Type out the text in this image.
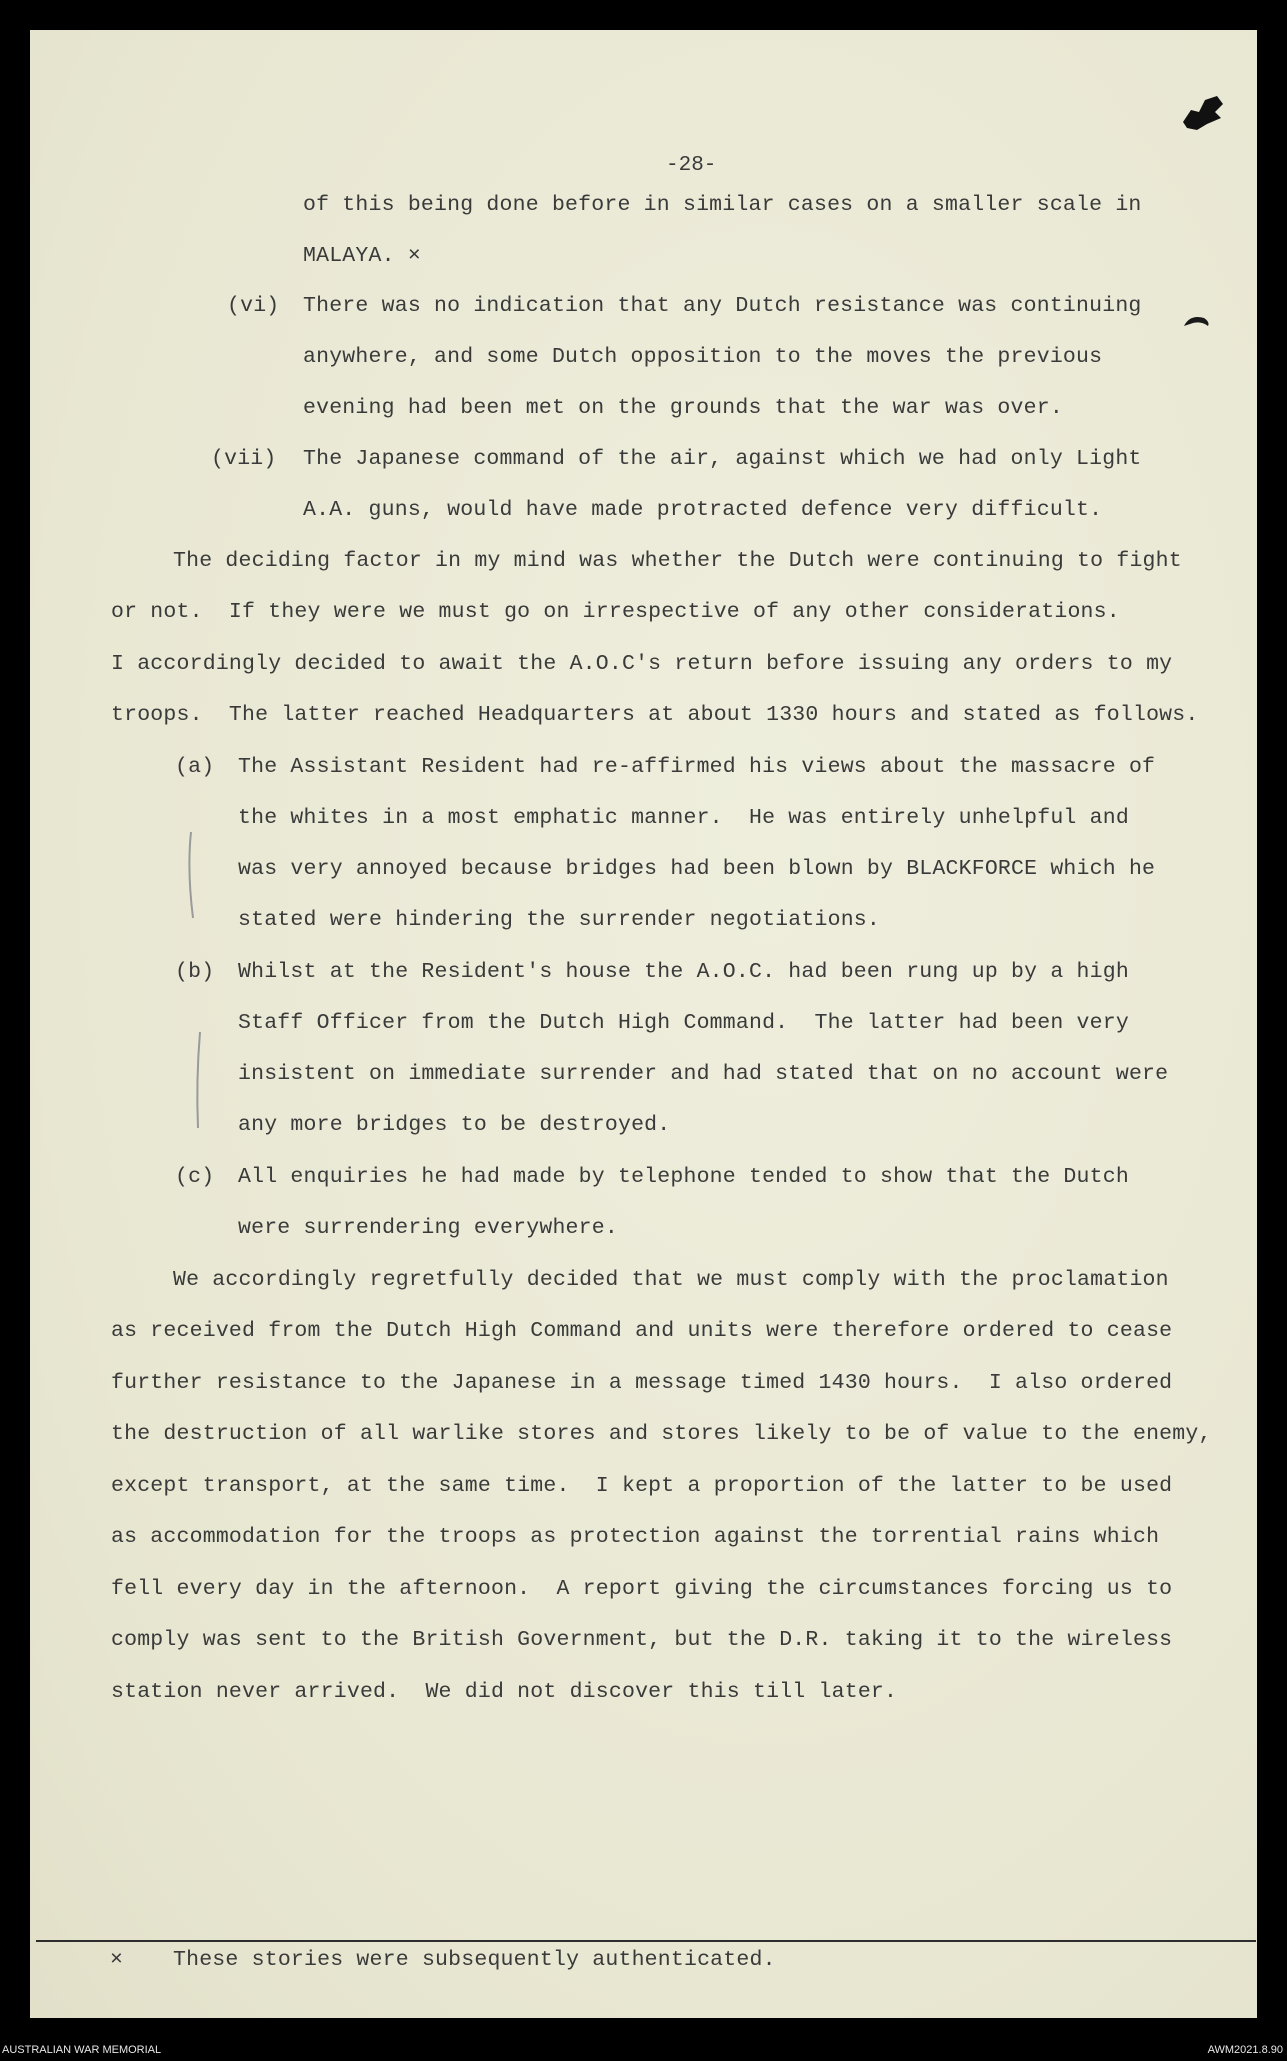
-28-
of this being done before in similar cases on a smaller scale in
MALAYA. ×
(vi) There was no indication that any Dutch resistance was continuing
anywhere, and some Dutch opposition to the moves the previous
evening had been met on the grounds that the war was over.
(vii) The Japanese command of the air, against which we had only Light
A.A. guns, would have made protracted defence very difficult.
The deciding factor in my mind was whether the Dutch were continuing to fight
or not.  If they were we must go on irrespective of any other considerations.
I accordingly decided to await the A.O.C's return before issuing any orders to my
troops.  The latter reached Headquarters at about 1330 hours and stated as follows.
(a) The Assistant Resident had re-affirmed his views about the massacre of
the whites in a most emphatic manner.  He was entirely unhelpful and
was very annoyed because bridges had been blown by BLACKFORCE which he
stated were hindering the surrender negotiations.
(b) Whilst at the Resident's house the A.O.C. had been rung up by a high
Staff Officer from the Dutch High Command.  The latter had been very
insistent on immediate surrender and had stated that on no account were
any more bridges to be destroyed.
(c) All enquiries he had made by telephone tended to show that the Dutch
were surrendering everywhere.
We accordingly regretfully decided that we must comply with the proclamation
as received from the Dutch High Command and units were therefore ordered to cease
further resistance to the Japanese in a message timed 1430 hours.  I also ordered
the destruction of all warlike stores and stores likely to be of value to the enemy,
except transport, at the same time.  I kept a proportion of the latter to be used
as accommodation for the troops as protection against the torrential rains which
fell every day in the afternoon.  A report giving the circumstances forcing us to
comply was sent to the British Government, but the D.R. taking it to the wireless
station never arrived.  We did not discover this till later.
× These stories were subsequently authenticated.
AUSTRALIAN WAR MEMORIAL	AWM2021.8.90
